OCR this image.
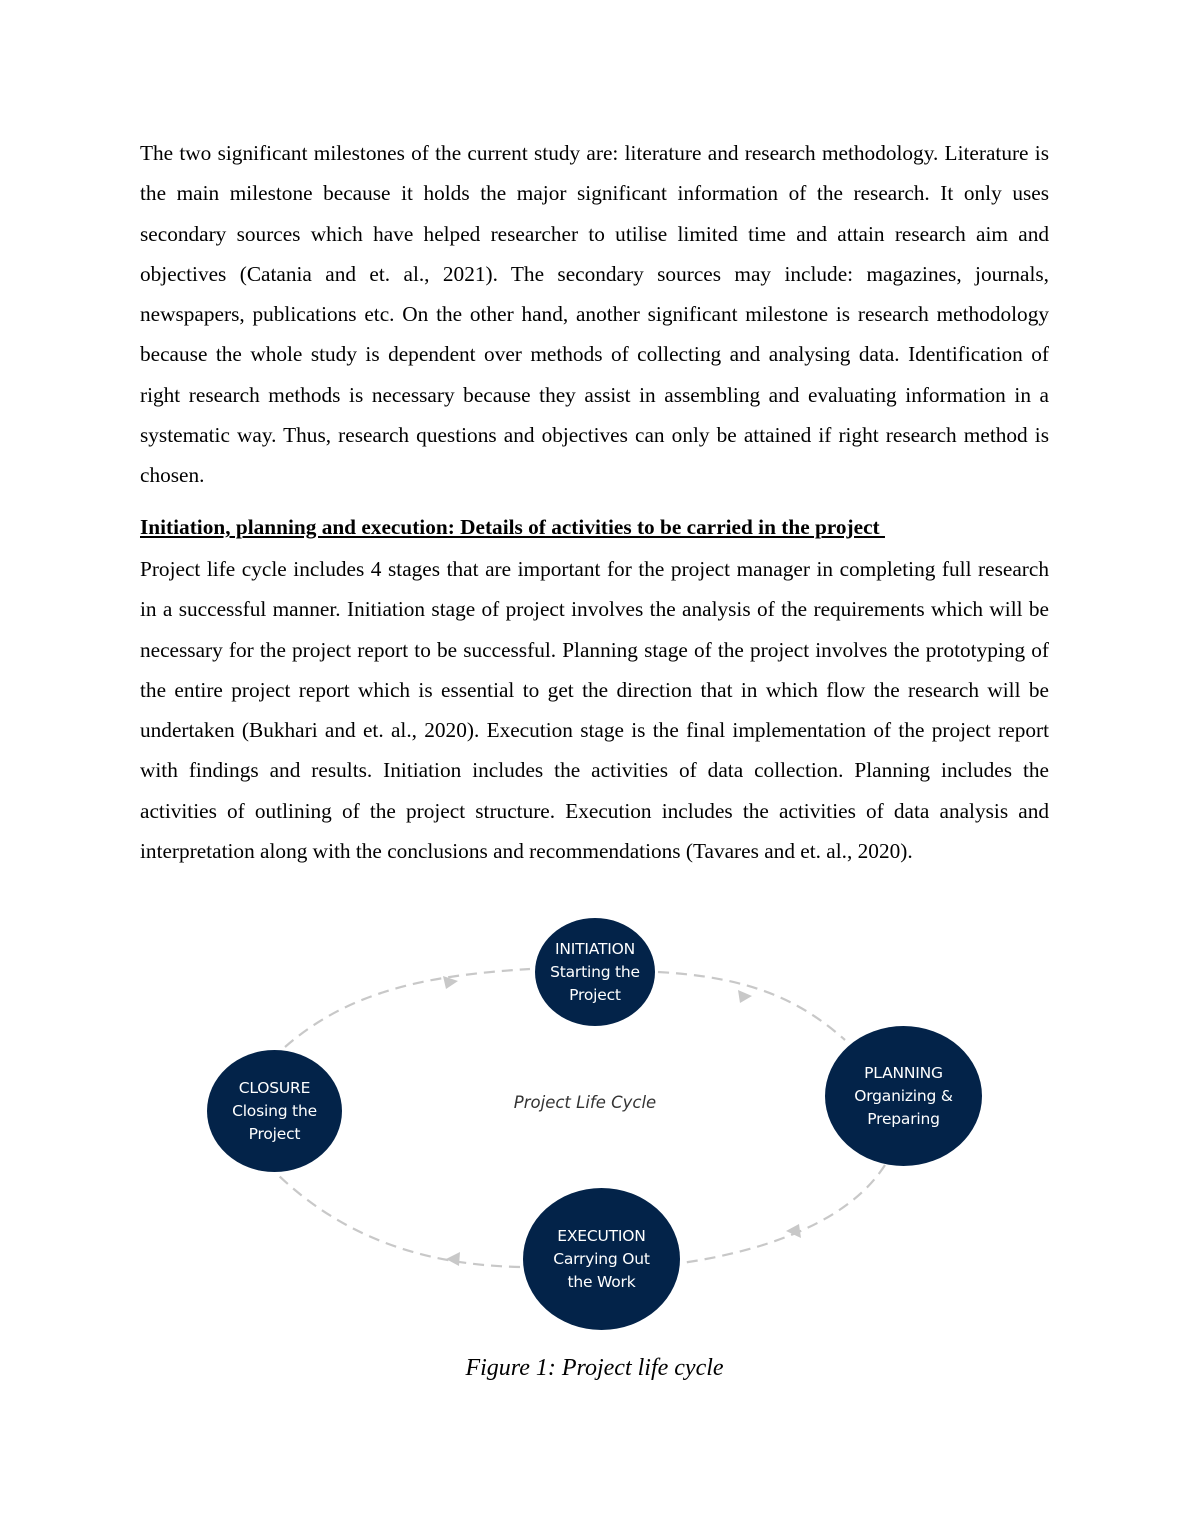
The two significant milestones of the current study are: literature and research methodology. Literature is the main milestone because it holds the major significant information of the research. It only uses secondary sources which have helped researcher to utilise limited time and attain research aim and objectives (Catania and et. al., 2021). The secondary sources may include: magazines, journals, newspapers, publications etc. On the other hand, another significant milestone is research methodology because the whole study is dependent over methods of collecting and analysing data. Identification of right research methods is necessary because they assist in assembling and evaluating information in a systematic way. Thus, research questions and objectives can only be attained if right research method is chosen.

Initiation, planning and execution: Details of activities to be carried in the project

Project life cycle includes 4 stages that are important for the project manager in completing full research in a successful manner. Initiation stage of project involves the analysis of the requirements which will be necessary for the project report to be successful. Planning stage of the project involves the prototyping of the entire project report which is essential to get the direction that in which flow the research will be undertaken (Bukhari and et. al., 2020). Execution stage is the final implementation of the project report with findings and results. Initiation includes the activities of data collection. Planning includes the activities of outlining of the project structure. Execution includes the activities of data analysis and interpretation along with the conclusions and recommendations (Tavares and et. al., 2020).

INITIATION
Starting the
Project
PLANNING
Organizing &
Preparing
EXECUTION
Carrying Out
the Work
CLOSURE
Closing the
Project
Project Life Cycle

Figure 1: Project life cycle
